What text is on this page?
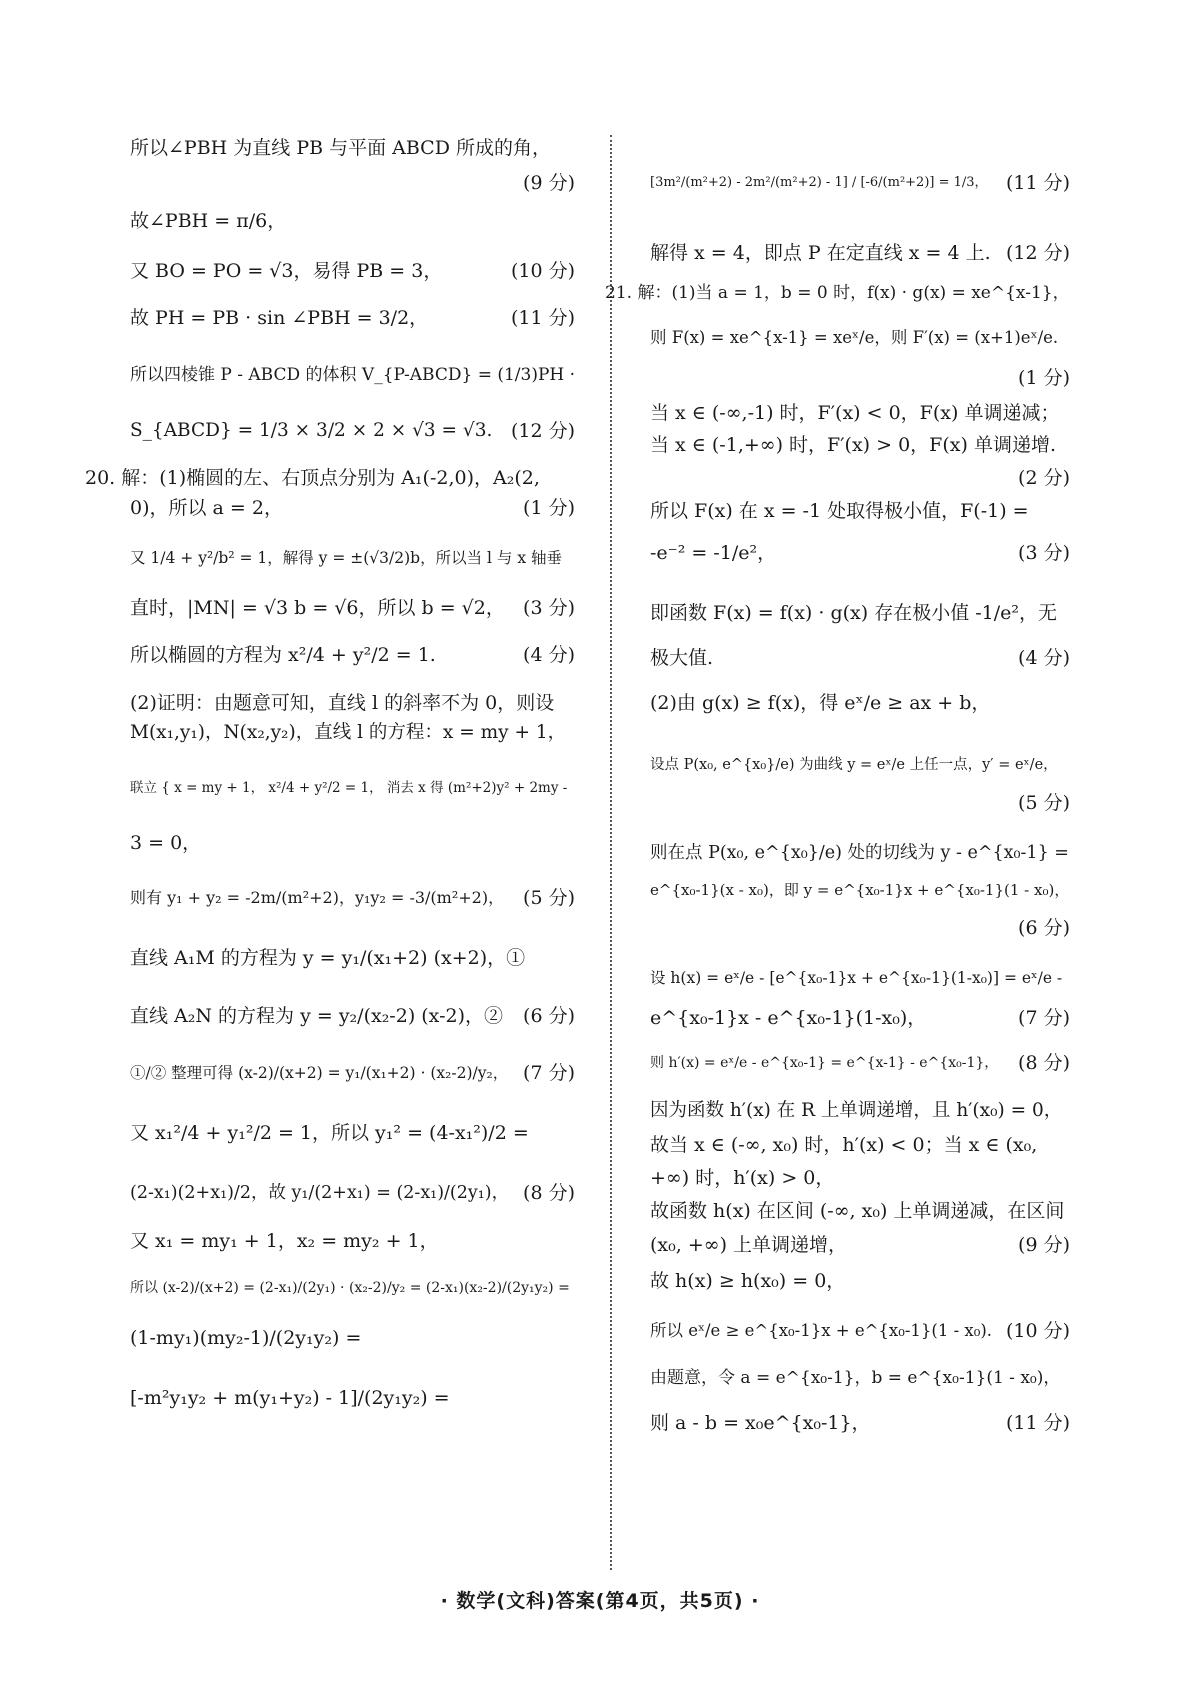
所以∠PBH 为直线 PB 与平面 ABCD 所成的角，
(9 分)
故∠PBH = π/6，
又 BO = PO = √3，易得 PB = 3，	(10 分)
故 PH = PB · sin ∠PBH = 3/2，	(11 分)
所以四棱锥 P - ABCD 的体积 V_{P-ABCD} = (1/3)PH ·
S_{ABCD} = 1/3 × 3/2 × 2 × √3 = √3. (12 分)
20. 解：(1)椭圆的左、右顶点分别为 A₁(-2,0)，A₂(2,
0)，所以 a = 2，	(1 分)
又 1/4 + y²/b² = 1，解得 y = ±(√3/2)b，所以当 l 与 x 轴垂
直时，|MN| = √3 b = √6，所以 b = √2， (3 分)
所以椭圆的方程为 x²/4 + y²/2 = 1.	(4 分)
(2)证明：由题意可知，直线 l 的斜率不为 0，则设
M(x₁,y₁)，N(x₂,y₂)，直线 l 的方程：x = my + 1，
联立 { x = my + 1， x²/4 + y²/2 = 1， 消去 x 得 (m²+2)y² + 2my -
3 = 0，
则有 y₁ + y₂ = -2m/(m²+2)，y₁y₂ = -3/(m²+2)， (5 分)
直线 A₁M 的方程为 y = y₁/(x₁+2) (x+2)，①
直线 A₂N 的方程为 y = y₂/(x₂-2) (x-2)，② (6 分)
①/② 整理可得 (x-2)/(x+2) = y₁/(x₁+2) · (x₂-2)/y₂， (7 分)
又 x₁²/4 + y₁²/2 = 1，所以 y₁² = (4-x₁²)/2 =
(2-x₁)(2+x₁)/2，故 y₁/(2+x₁) = (2-x₁)/(2y₁)， (8 分)
又 x₁ = my₁ + 1，x₂ = my₂ + 1，
所以 (x-2)/(x+2) = (2-x₁)/(2y₁) · (x₂-2)/y₂ = (2-x₁)(x₂-2)/(2y₁y₂) =
(1-my₁)(my₂-1)/(2y₁y₂) =
[-m²y₁y₂ + m(y₁+y₂) - 1]/(2y₁y₂) =
[3m²/(m²+2) - 2m²/(m²+2) - 1] / [-6/(m²+2)] = 1/3， (11 分)
解得 x = 4，即点 P 在定直线 x = 4 上. (12 分)
21. 解：(1)当 a = 1，b = 0 时，f(x) · g(x) = xe^{x-1}，
则 F(x) = xe^{x-1} = xeˣ/e，则 F′(x) = (x+1)eˣ/e.
(1 分)
当 x ∈ (-∞,-1) 时，F′(x) < 0，F(x) 单调递减；
当 x ∈ (-1,+∞) 时，F′(x) > 0，F(x) 单调递增.
(2 分)
所以 F(x) 在 x = -1 处取得极小值，F(-1) =
-e⁻² = -1/e²，	(3 分)
即函数 F(x) = f(x) · g(x) 存在极小值 -1/e²，无
极大值.	(4 分)
(2)由 g(x) ≥ f(x)，得 eˣ/e ≥ ax + b，
设点 P(x₀, e^{x₀}/e) 为曲线 y = eˣ/e 上任一点，y′ = eˣ/e，
(5 分)
则在点 P(x₀, e^{x₀}/e) 处的切线为 y - e^{x₀-1} =
e^{x₀-1}(x - x₀)，即 y = e^{x₀-1}x + e^{x₀-1}(1 - x₀)，
(6 分)
设 h(x) = eˣ/e - [e^{x₀-1}x + e^{x₀-1}(1-x₀)] = eˣ/e -
e^{x₀-1}x - e^{x₀-1}(1-x₀)，	(7 分)
则 h′(x) = eˣ/e - e^{x₀-1} = e^{x-1} - e^{x₀-1}， (8 分)
因为函数 h′(x) 在 R 上单调递增，且 h′(x₀) = 0，
故当 x ∈ (-∞, x₀) 时，h′(x) < 0；当 x ∈ (x₀,
+∞) 时，h′(x) > 0，
故函数 h(x) 在区间 (-∞, x₀) 上单调递减，在区间
(x₀, +∞) 上单调递增，	(9 分)
故 h(x) ≥ h(x₀) = 0，
所以 eˣ/e ≥ e^{x₀-1}x + e^{x₀-1}(1 - x₀). (10 分)
由题意，令 a = e^{x₀-1}，b = e^{x₀-1}(1 - x₀)，
则 a - b = x₀e^{x₀-1}，	(11 分)
· 数学(文科)答案(第4页，共5页) ·
